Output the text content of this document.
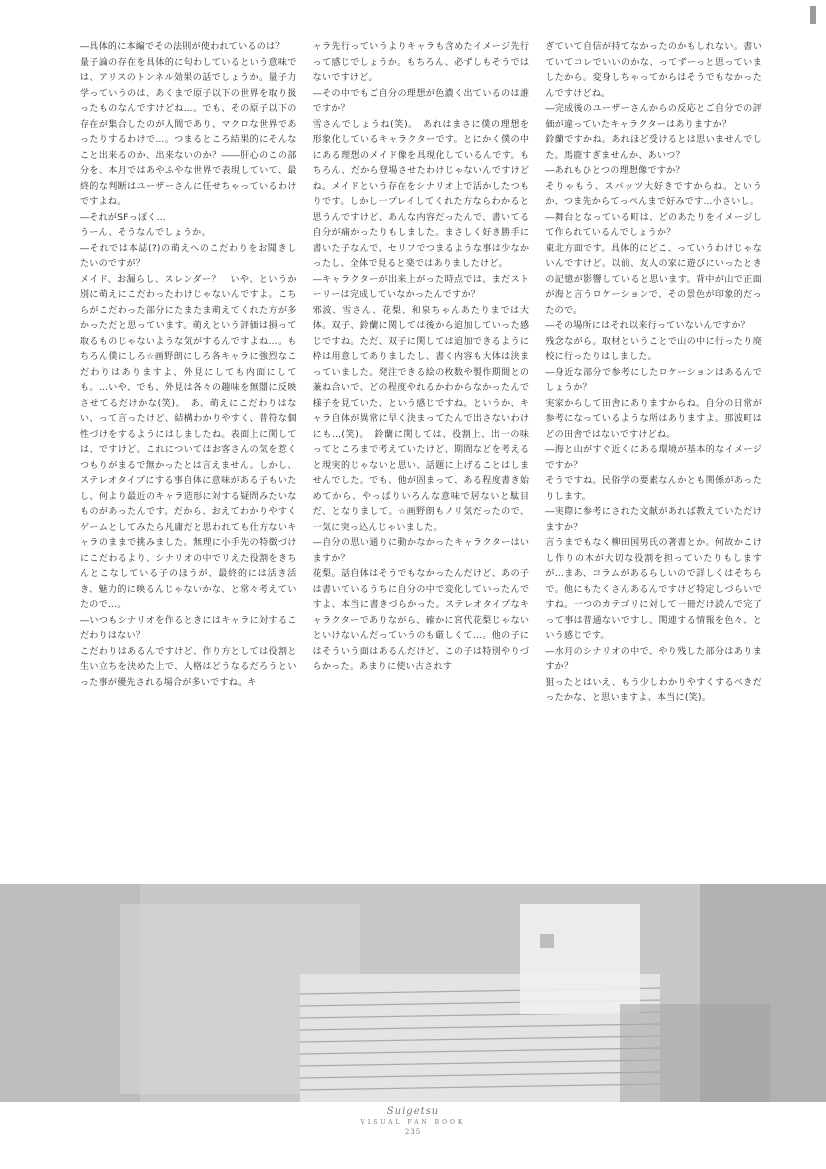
―具体的に本編でその法則が使われているのは？

量子論の存在を具体的に匂わしているという意味では、アリスのトンネル効果の話でしょうか。量子力学っていうのは、あくまで原子以下の世界を取り扱ったものなんですけどね…。でも、その原子以下の存在が集合したのが人間であり、マクロな世界であったりするわけで…。つまるところ結果的にそんなこと出来るのか、出来ないのか？――肝心のこの部分を、本月ではあやふやな世界で表現していて、最終的な判断はユーザーさんに任せちゃっているわけですよね。

―それがSFっぽく…

うーん、そうなんでしょうか。

―それでは本誌(?)の萌えへのこだわりをお聞きしたいのですが？

メイド、お漏らし、スレンダー？　いや、というか別に萌えにこだわったわけじゃないんですよ。こちらがこだわった部分にたまたま萌えてくれた方が多かっただと思っています。萌えという評価は損って取るものじゃないような気がするんですよね…。もちろん僕にしろ☆画野朗にしろ各キャラに強烈なこだわりはありますよ、外見にしても内面にしても。…いや、でも、外見は各々の趣味を無闇に反映させてるだけかな(笑)。　あ、萌えにこだわりはない、って言ったけど、結構わかりやすく、普符な個性づけをするようにはしましたね。表面上に関しては、ですけど。これについてはお客さんの気を惹くつもりがまるで無かったとは言えません。しかし、ステレオタイプにする事自体に意味がある子もいたし、何より最近のキャラ造形に対する疑問みたいなものがあったんです。だから、おえてわかりやすくゲームとしてみたら凡庸だと思われても仕方ないキャラのままで挑みました。無理に小手先の特徴づけにこだわるより、シナリオの中でリえた役割をきちんとこなしている子のほうが、最終的には活き活き、魅力的に映るんじゃないかな、と常々考えていたので…。

―いつもシナリオを作るときにはキャラに対するこだわりはない？

こだわりはあるんですけど、作り方としては役割と生い立ちを決めた上で、人格はどうなるだろうといった事が優先される場合が多いですね。キ

ャラ先行っていうよりキャラも含めたイメージ先行って感じでしょうか。もちろん、必ずしもそうではないですけど。

―その中でもご自分の理想が色濃く出ているのは誰ですか？

雪さんでしょうね(笑)。　あれはまさに僕の理想を形象化しているキャラクターです。とにかく僕の中にある理想のメイド像を具現化しているんです。もちろん、だから登場させたわけじゃないんですけどね。メイドという存在をシナリオ上で活かしたつもりです。しかし一プレイしてくれた方ならわかると思うんですけど、あんな内容だったんで、書いてる自分が痛かったりもしました。まさしく好き勝手に書いた子なんで、セリフでつまるような事は少なかったし、全体で見ると楽ではありましたけど。

―キャラクターが出来上がった時点では、まだストーリーは完成していなかったんですか？

邪波、雪さん、花梨、和泉ちゃんあたりまでは大体。双子、鈴蘭に関しては後から追加していった感じですね。ただ、双子に関しては追加できるように枠は用意してありましたし、書く内容も大体は決まっていました。発注できる絵の枚数や製作期間との兼ね合いで、どの程度やれるかわからなかったんで様子を見ていた、という感じですね。というか、キャラ自体が異常に早く決まってたんで出さないわけにも…(笑)。　鈴蘭に関しては、役割上、出一の味ってところまで考えていたけど、期間などを考えると現実的じゃないと思い、話題に上げることはしませんでした。でも、他が固まって、ある程度書き始めてから、やっぱりいろんな意味で居ないと駄目だ、となりまして。☆画野朗もノリ気だったので、一気に突っ込んじゃいました。

―自分の思い通りに動かなかったキャラクターはいますか？

花梨。話自体はそうでもなかったんだけど、あの子は書いているうちに自分の中で変化していったんですよ、本当に書きづらかった。ステレオタイプなキャラクターでありながら、確かに宮代花梨じゃないといけないんだっていうのも厳しくて…。他の子にはそういう面はあるんだけど、この子は特別やりづらかった。あまりに使い古されす

ぎていて自信が持てなかったのかもしれない。書いていてコレでいいのかな、ってずーっと思っていましたから。変身しちゃってからはそうでもなかったんですけどね。

―完成後のユーザーさんからの反応とご自分での評価が違っていたキャラクターはありますか？

鈴蘭ですかね。あれほど受けるとは思いませんでした。馬鹿すぎませんか、あいつ？

―あれもひとつの理想像ですか？

そりゃもう、スパッツ大好きですからね。というか、つま先からてっぺんまで好みです…小さいし。

―舞台となっている町は、どのあたりをイメージして作られているんでしょうか？

東北方面です。具体的にどこ、っていうわけじゃないんですけど。以前、友人の家に遊びにいったときの記憶が影響していると思います。背中が山で正面が海と言うロケーションで、その景色が印象的だったので。

―その場所にはそれ以来行っていないんですか？

残念ながら。取材ということで山の中に行ったり廃校に行ったりはしました。

―身近な部分で参考にしたロケーションはあるんでしょうか？

実家からして田舎にありますからね。自分の日常が参考になっているような所はありますよ。那波町はどの田舎ではないですけどね。

―海と山がすぐ近くにある環境が基本的なイメージですか？

そうですね。民俗学の要素なんかとも関係があったりします。

―実際に参考にされた文献があれば教えていただけますか？

言うまでもなく柳田国男氏の著書とか。何故かこけし作りの木が大切な役割を担っていたりもしますが…まあ、コラムがあるらしいので詳しくはそちらで。他にもたくさんあるんですけど特定しづらいですね。一つのカテゴリに対して一冊だけ読んで完了って事は普通ないですし、関連する情報を色々、という感じです。

―水月のシナリオの中で、やり残した部分はありますか？

狙ったとはいえ、もう少しわかりやすくするべきだったかな、と思いますよ、本当に(笑)。

Suigetsu
VISUAL FAN BOOK
235
